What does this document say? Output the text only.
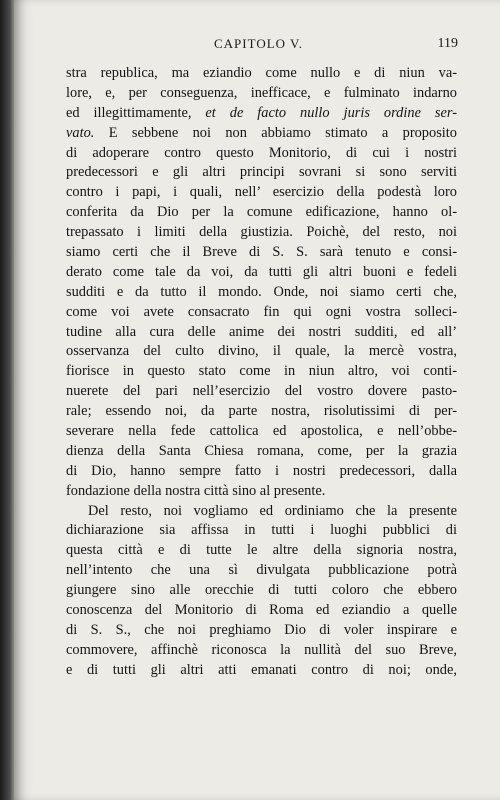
CAPITOLO V.	119
stra republica, ma eziandio come nullo e di niun va-
lore, e, per conseguenza, inefficace, e fulminato indarno
ed illegittimamente, et de facto nullo juris ordine ser-
vato. E sebbene noi non abbiamo stimato a proposito
di adoperare contro questo Monitorio, di cui i nostri
predecessori e gli altri principi sovrani si sono serviti
contro i papi, i quali, nell’ esercizio della podestà loro
conferita da Dio per la comune edificazione, hanno ol-
trepassato i limiti della giustizia. Poichè, del resto, noi
siamo certi che il Breve di S. S. sarà tenuto e consi-
derato come tale da voi, da tutti gli altri buoni e fedeli
sudditi e da tutto il mondo. Onde, noi siamo certi che,
come voi avete consacrato fin qui ogni vostra solleci-
tudine alla cura delle anime dei nostri sudditi, ed all’
osservanza del culto divino, il quale, la mercè vostra,
fiorisce in questo stato come in niun altro, voi conti-
nuerete del pari nell’esercizio del vostro dovere pasto-
rale; essendo noi, da parte nostra, risolutissimi di per-
severare nella fede cattolica ed apostolica, e nell’obbe-
dienza della Santa Chiesa romana, come, per la grazia
di Dio, hanno sempre fatto i nostri predecessori, dalla
fondazione della nostra città sino al presente.
Del resto, noi vogliamo ed ordiniamo che la presente
dichiarazione sia affissa in tutti i luoghi pubblici di
questa città e di tutte le altre della signoria nostra,
nell’intento che una sì divulgata pubblicazione potrà
giungere sino alle orecchie di tutti coloro che ebbero
conoscenza del Monitorio di Roma ed eziandio a quelle
di S. S., che noi preghiamo Dio di voler inspirare e
commovere, affinchè riconosca la nullità del suo Breve,
e di tutti gli altri atti emanati contro di noi; onde,
